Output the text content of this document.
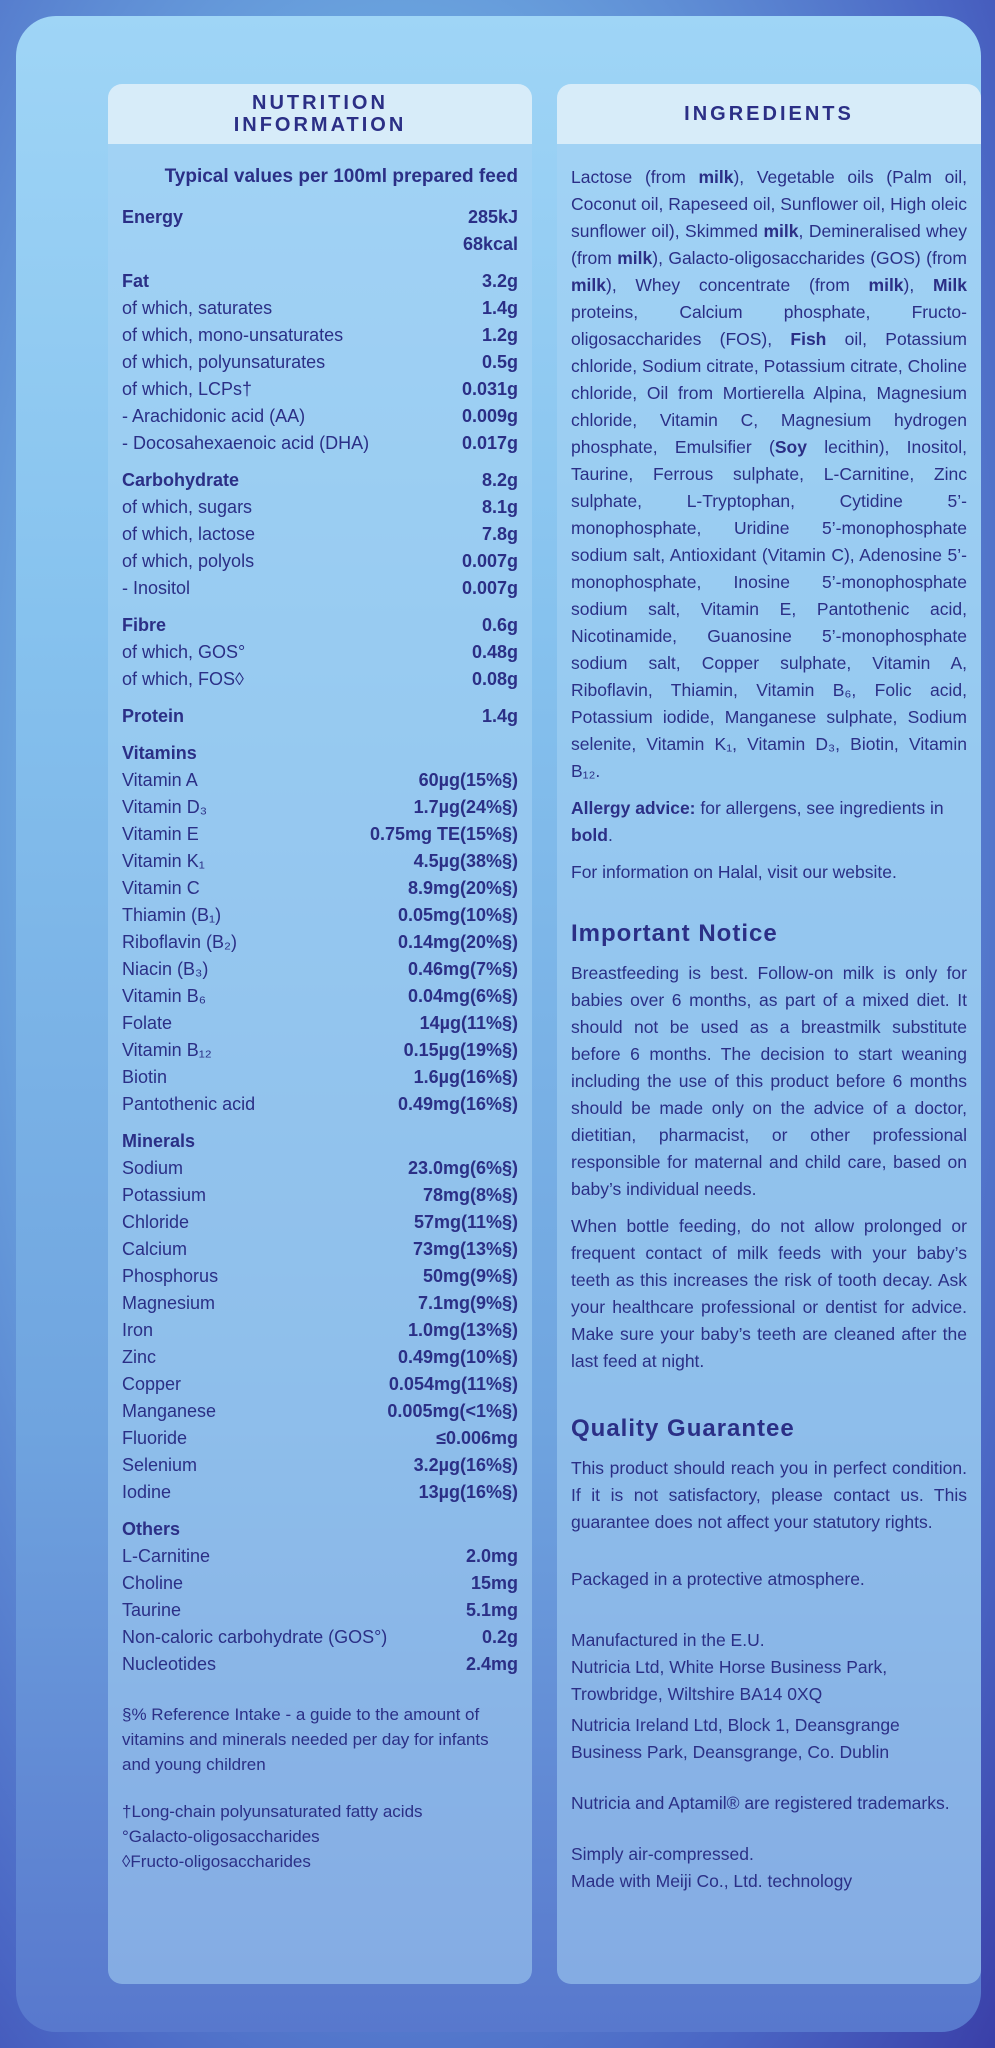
NUTRITION
INFORMATION
Typical values per 100ml prepared feed
Energy	285kJ
68kcal
Fat	3.2g
of which, saturates	1.4g
of which, mono-unsaturates	1.2g
of which, polyunsaturates	0.5g
of which, LCPs†	0.031g
- Arachidonic acid (AA)	0.009g
- Docosahexaenoic acid (DHA)	0.017g
Carbohydrate	8.2g
of which, sugars	8.1g
of which, lactose	7.8g
of which, polyols	0.007g
- Inositol	0.007g
Fibre	0.6g
of which, GOS°	0.48g
of which, FOS◊	0.08g
Protein	1.4g
Vitamins
Vitamin A	60µg(15%§)
Vitamin D₃	1.7µg(24%§)
Vitamin E	0.75mg TE(15%§)
Vitamin K₁	4.5µg(38%§)
Vitamin C	8.9mg(20%§)
Thiamin (B₁)	0.05mg(10%§)
Riboflavin (B₂)	0.14mg(20%§)
Niacin (B₃)	0.46mg(7%§)
Vitamin B₆	0.04mg(6%§)
Folate	14µg(11%§)
Vitamin B₁₂	0.15µg(19%§)
Biotin	1.6µg(16%§)
Pantothenic acid	0.49mg(16%§)
Minerals
Sodium	23.0mg(6%§)
Potassium	78mg(8%§)
Chloride	57mg(11%§)
Calcium	73mg(13%§)
Phosphorus	50mg(9%§)
Magnesium	7.1mg(9%§)
Iron	1.0mg(13%§)
Zinc	0.49mg(10%§)
Copper	0.054mg(11%§)
Manganese	0.005mg(<1%§)
Fluoride	≤0.006mg
Selenium	3.2µg(16%§)
Iodine	13µg(16%§)
Others
L-Carnitine	2.0mg
Choline	15mg
Taurine	5.1mg
Non-caloric carbohydrate (GOS°)	0.2g
Nucleotides	2.4mg
§% Reference Intake - a guide to the amount of vitamins and minerals needed per day for infants and young children
†Long-chain polyunsaturated fatty acids
°Galacto-oligosaccharides
◊Fructo-oligosaccharides
INGREDIENTS
Lactose (from milk), Vegetable oils (Palm oil, Coconut oil, Rapeseed oil, Sunflower oil, High oleic sunflower oil), Skimmed milk, Demineralised whey (from milk), Galacto-oligosaccharides (GOS) (from milk), Whey concentrate (from milk), Milk proteins, Calcium phosphate, Fructo-oligosaccharides (FOS), Fish oil, Potassium chloride, Sodium citrate, Potassium citrate, Choline chloride, Oil from Mortierella Alpina, Magnesium chloride, Vitamin C, Magnesium hydrogen phosphate, Emulsifier (Soy lecithin), Inositol, Taurine, Ferrous sulphate, L-Carnitine, Zinc sulphate, L-Tryptophan, Cytidine 5’-monophosphate, Uridine 5’-monophosphate sodium salt, Antioxidant (Vitamin C), Adenosine 5’-monophosphate, Inosine 5’-monophosphate sodium salt, Vitamin E, Pantothenic acid, Nicotinamide, Guanosine 5’-monophosphate sodium salt, Copper sulphate, Vitamin A, Riboflavin, Thiamin, Vitamin B₆, Folic acid, Potassium iodide, Manganese sulphate, Sodium selenite, Vitamin K₁, Vitamin D₃, Biotin, Vitamin B₁₂.
Allergy advice: for allergens, see ingredients in bold.
For information on Halal, visit our website.
Important Notice
Breastfeeding is best. Follow-on milk is only for babies over 6 months, as part of a mixed diet. It should not be used as a breastmilk substitute before 6 months. The decision to start weaning including the use of this product before 6 months should be made only on the advice of a doctor, dietitian, pharmacist, or other professional responsible for maternal and child care, based on baby’s individual needs.
When bottle feeding, do not allow prolonged or frequent contact of milk feeds with your baby’s teeth as this increases the risk of tooth decay. Ask your healthcare professional or dentist for advice. Make sure your baby’s teeth are cleaned after the last feed at night.
Quality Guarantee
This product should reach you in perfect condition. If it is not satisfactory, please contact us. This guarantee does not affect your statutory rights.
Packaged in a protective atmosphere.
Manufactured in the E.U.
Nutricia Ltd, White Horse Business Park, Trowbridge, Wiltshire BA14 0XQ
Nutricia Ireland Ltd, Block 1, Deansgrange Business Park, Deansgrange, Co. Dublin
Nutricia and Aptamil® are registered trademarks.
Simply air-compressed.
Made with Meiji Co., Ltd. technology
